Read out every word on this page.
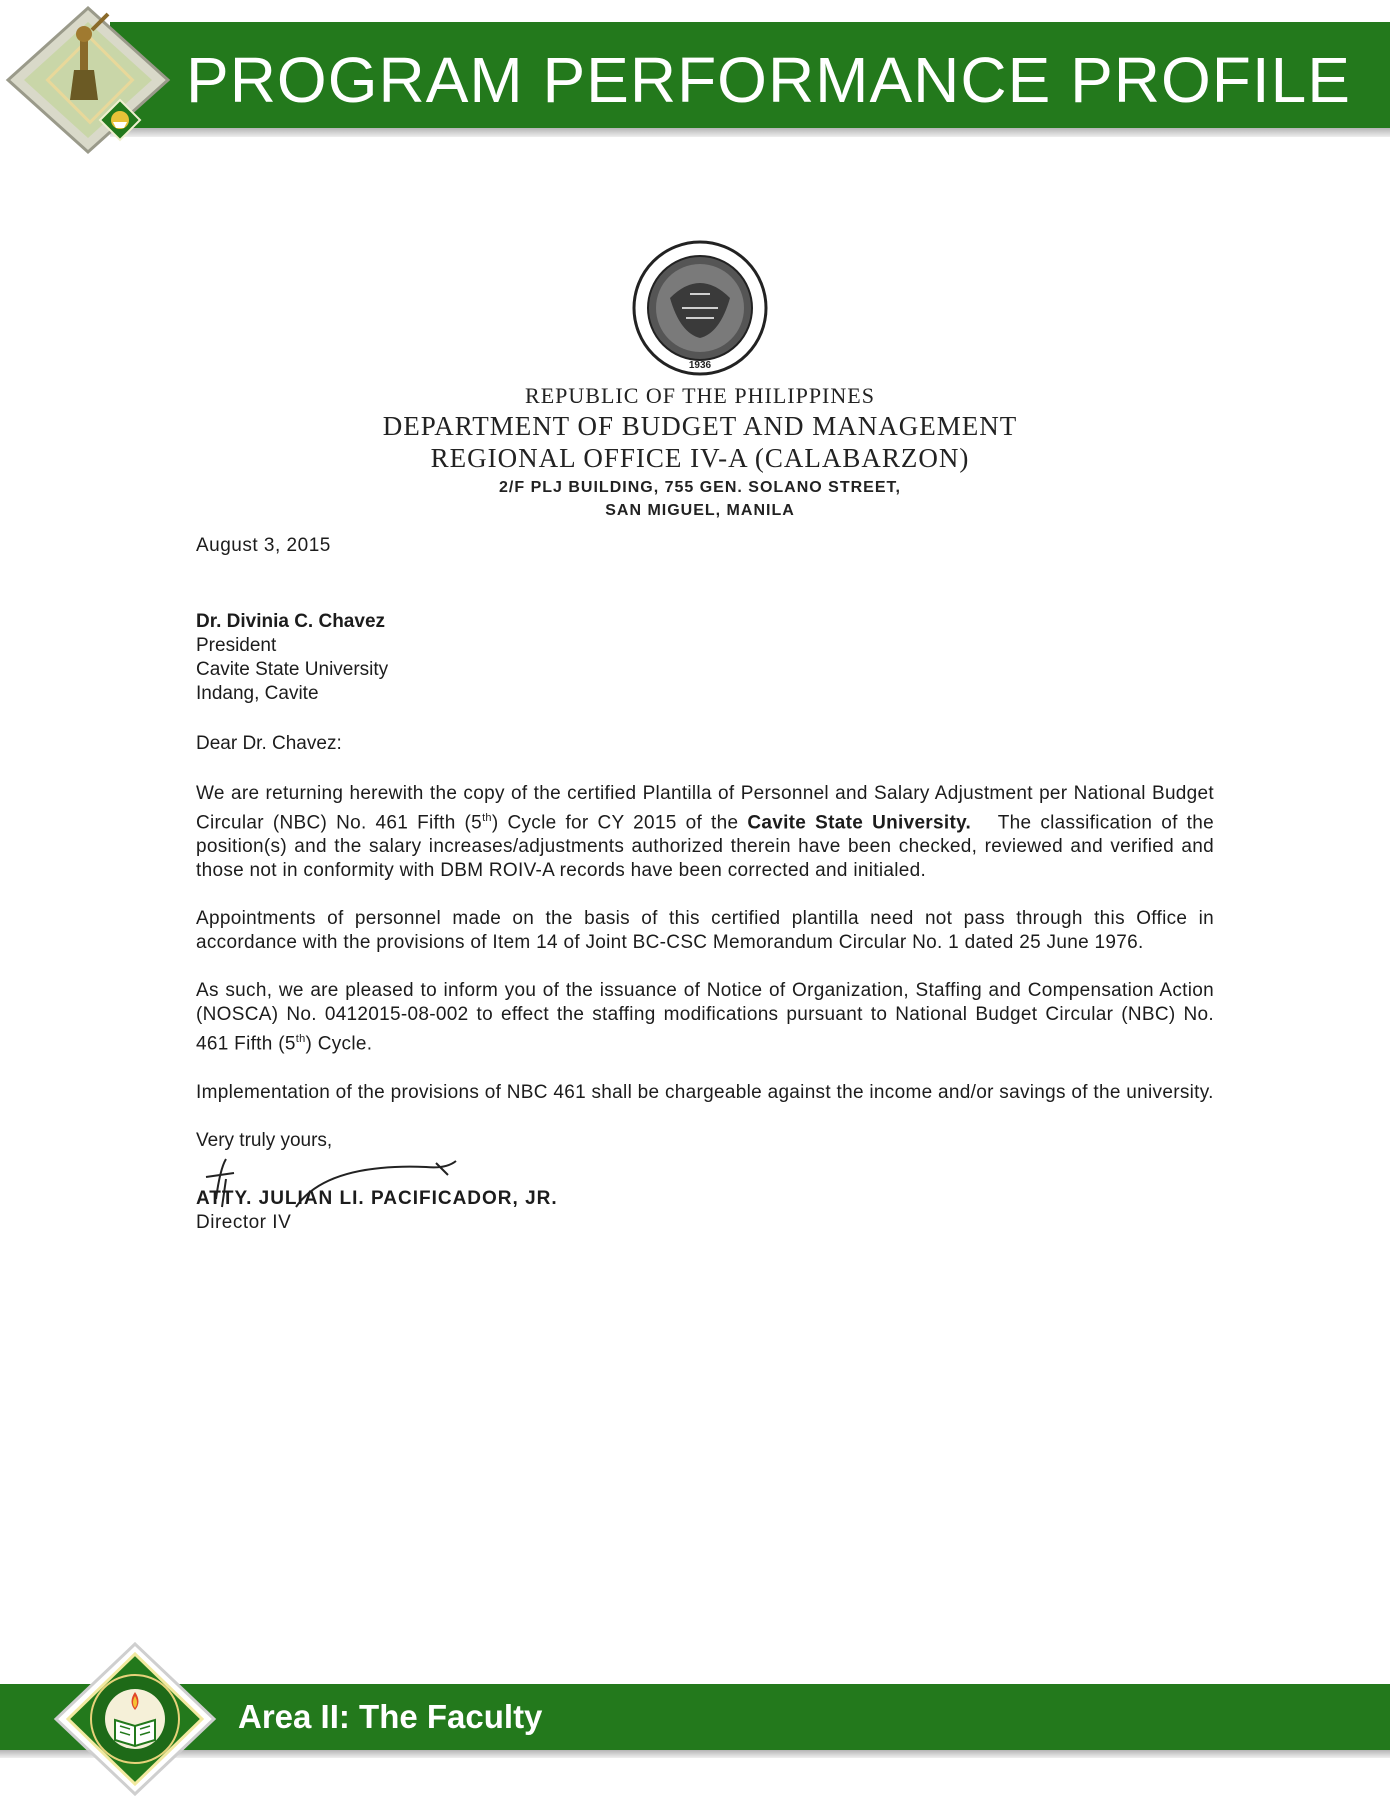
PROGRAM PERFORMANCE PROFILE
1936
REPUBLIC OF THE PHILIPPINES
DEPARTMENT OF BUDGET AND MANAGEMENT
REGIONAL OFFICE IV-A (CALABARZON)
2/F PLJ BUILDING, 755 GEN. SOLANO STREET,
SAN MIGUEL, MANILA
August 3, 2015
Dr. Divinia C. Chavez
President
Cavite State University
Indang, Cavite
Dear Dr. Chavez:

We are returning herewith the copy of the certified Plantilla of Personnel and Salary Adjustment per National Budget Circular (NBC) No. 461 Fifth (5th) Cycle for CY 2015 of the Cavite State University. The classification of the position(s) and the salary increases/adjustments authorized therein have been checked, reviewed and verified and those not in conformity with DBM ROIV-A records have been corrected and initialed.

Appointments of personnel made on the basis of this certified plantilla need not pass through this Office in accordance with the provisions of Item 14 of Joint BC-CSC Memorandum Circular No. 1 dated 25 June 1976.

As such, we are pleased to inform you of the issuance of Notice of Organization, Staffing and Compensation Action (NOSCA) No. 0412015-08-002 to effect the staffing modifications pursuant to National Budget Circular (NBC) No. 461 Fifth (5th) Cycle.

Implementation of the provisions of NBC 461 shall be chargeable against the income and/or savings of the university.

Very truly yours,
ATTY. JULIAN LI. PACIFICADOR, JR.
Director IV
Area II: The Faculty
